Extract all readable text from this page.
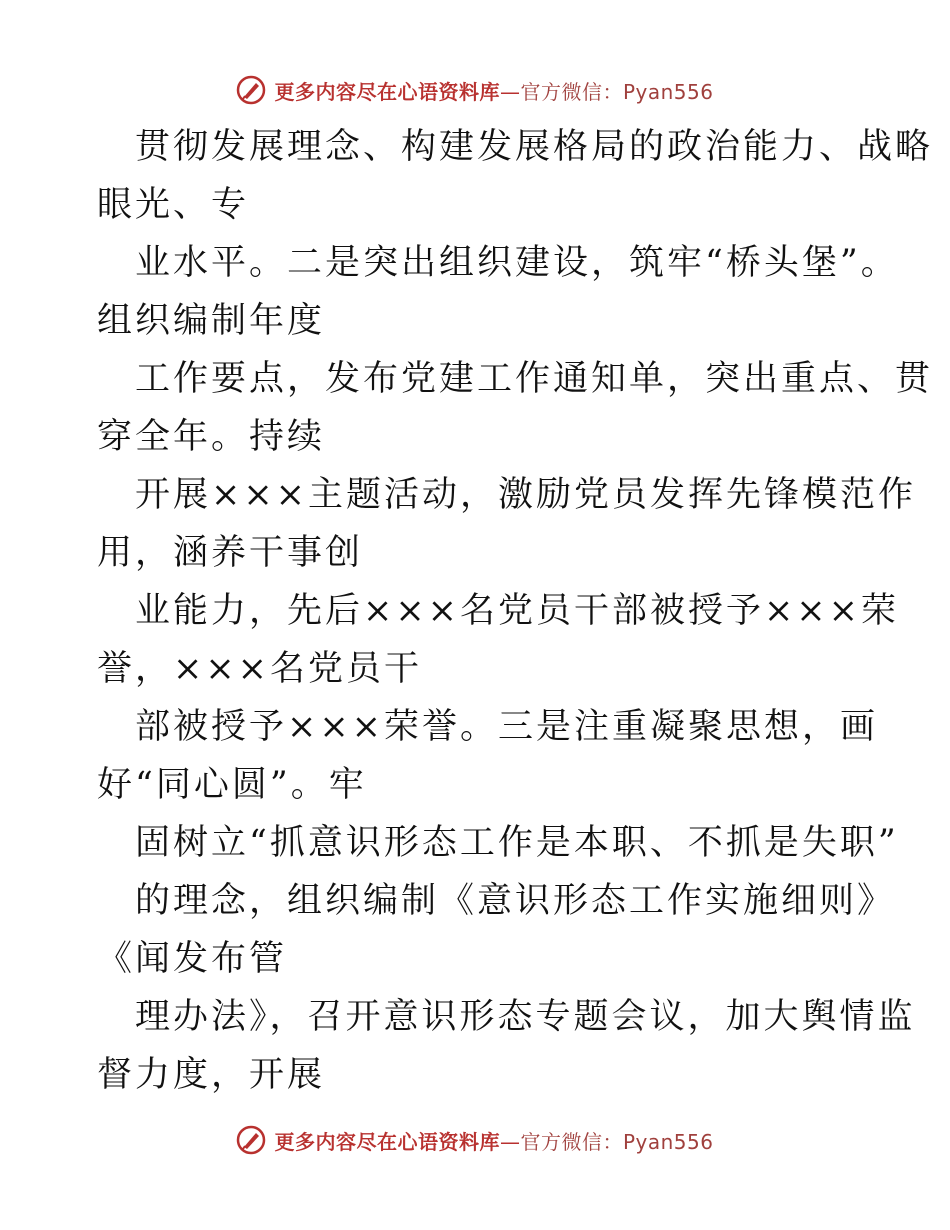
更多内容尽在心语资料库—官方微信：Pyan556
贯彻发展理念、构建发展格局的政治能力、战略
眼光、专
业水平。二是突出组织建设，筑牢“桥头堡”。
组织编制年度
工作要点，发布党建工作通知单，突出重点、贯
穿全年。持续
开展×××主题活动，激励党员发挥先锋模范作
用，涵养干事创
业能力，先后×××名党员干部被授予×××荣
誉，×××名党员干
部被授予×××荣誉。三是注重凝聚思想，画
好“同心圆”。牢
固树立“抓意识形态工作是本职、不抓是失职”
的理念，组织编制《意识形态工作实施细则》
《闻发布管
理办法》，召开意识形态专题会议，加大舆情监
督力度，开展
更多内容尽在心语资料库—官方微信：Pyan556
